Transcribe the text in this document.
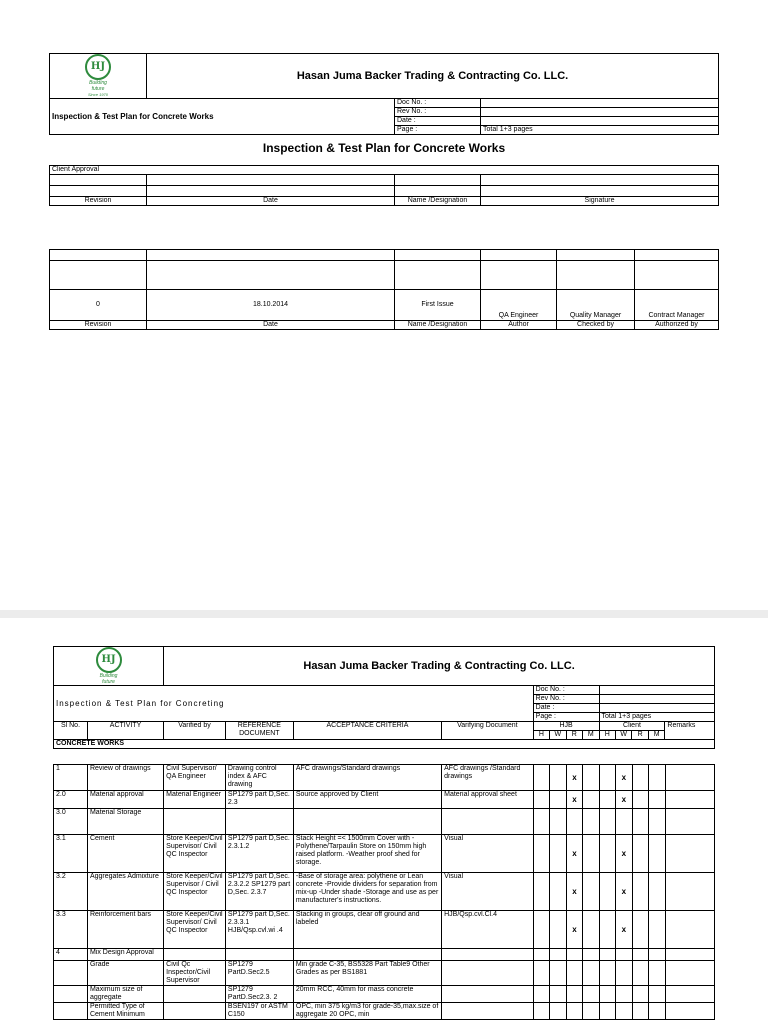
HJ
Building
future
Since 1970	Hasan Juma Backer Trading & Contracting Co. LLC.		
Inspection & Test Plan for Concrete Works		Doc No. :	
		Rev No. :	
		Date :	
		Page :	Total 1+3 pages
Inspection & Test Plan for Concrete Works
Client Approval			

Revision	Date	Name /Designation	Signature

0	18.10.2014	First Issue	QA Engineer	Quality Manager	Contract Manager
Revision	Date	Name /Designation	Author	Checked by	Authorized by
HJ
Building
future		Hasan Juma Backer Trading & Contracting Co. LLC.												
Inspection & Test Plan for Concreting						Doc No. :								
						Rev No. :								
						Date :								
						Page :				Total 1+3 pages				
Sl No.	ACTIVITY	Varified by	REFERENCE DOCUMENT	ACCEPTANCE CRITERIA	Varifying Document	HJB				Client				Remarks
						H	W	R	M	H	W	R	M	
CONCRETE WORKS														
1	Review of drawings	Civil Supervisor/ QA Engineer	Drawing control index & AFC drawing	AFC drawings/Standard drawings	AFC drawings /Standard drawings			x			x			
2.0	Material approval	Material Engineer	SP1279 part D,Sec. 2.3	Source approved by Client	Material approval sheet			x			x			
3.0	Material Storage													
3.1	Cement	Store Keeper/Civil Supervisor/ Civil QC Inspector	SP1279 part D,Sec. 2.3.1.2	Stack Height =< 1500mm Cover with -Polythene/Tarpaulin Store on 150mm high raised platform. -Weather proof shed for storage.	Visual			x			x			
3.2	Aggregates Admixture	Store Keeper/Civil Supervisor / Civil QC Inspector	SP1279 part D,Sec. 2.3.2.2 SP1279 part D,Sec. 2.3.7	-Base of storage area: polythene or Lean concrete -Provide dividers for separation from mix-up -Under shade -Storage and use as per manufacturer's instructions.	Visual			x			x			
3.3	Reinforcement bars	Store Keeper/Civil Supervisor/ Civil QC Inspector	SP1279 part D,Sec. 2.3.3.1 HJB/Qsp.cvl.wi .4	Stacking in groups, clear off ground and labeled	HJB/Qsp.cvl.Cl.4			x			x			
4	Mix Design Approval													
	Grade	Civil Qc Inspector/Civil Supervisor	SP1279 PartD.Sec2.5	Min grade C-35, BS5328 Part Table9 Other Grades as per BS1881										
	Maximum size of aggregate		SP1279 PartD.Sec2.3. 2	20mm RCC, 40mm for mass concrete										
	Permitted Type of Cement Minimum		BSEN197 or ASTM C150	OPC, min 375 kg/m3 for grade-35,max.size of aggregate 20 OPC, min										
